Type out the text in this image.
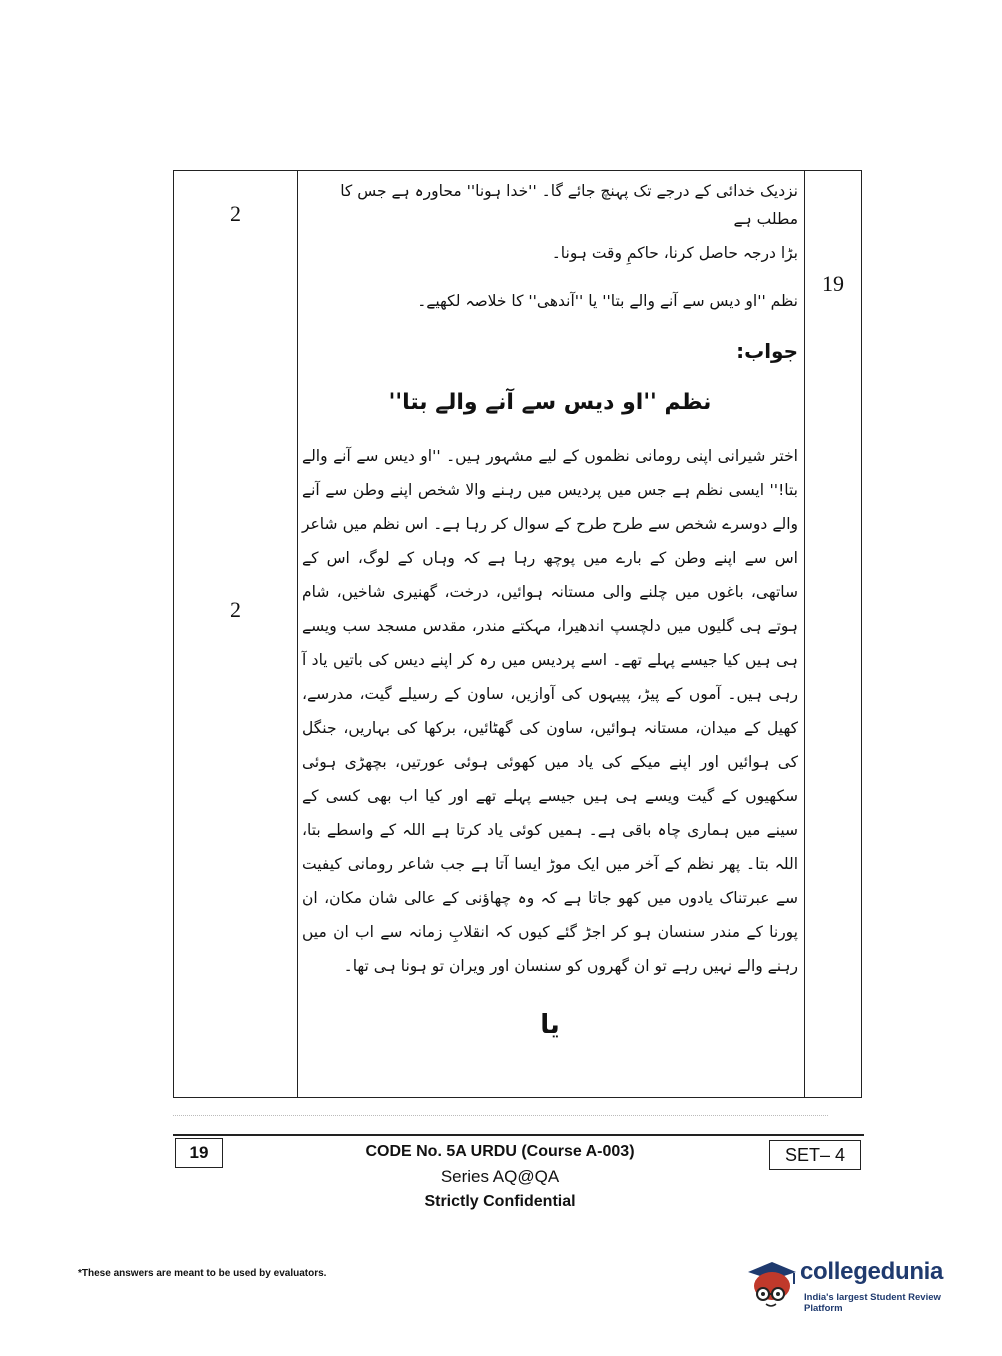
2
2
19

نزدیک خدائی کے درجے تک پہنچ جائے گا۔ ''خدا ہونا'' محاورہ ہے جس کا مطلب ہے

بڑا درجہ حاصل کرنا، حاکمِ وقت ہونا۔

نظم ''او دیس سے آنے والے بتا'' یا ''آندھی'' کا خلاصہ لکھیے۔

جواب:

نظم ''او دیس سے آنے والے بتا''

اختر شیرانی اپنی رومانی نظموں کے لیے مشہور ہیں۔ ''او دیس سے آنے والے بتا!'' ایسی نظم ہے جس میں پردیس میں رہنے والا شخص اپنے وطن سے آنے والے دوسرے شخص سے طرح طرح کے سوال کر رہا ہے۔ اس نظم میں شاعر اس سے اپنے وطن کے بارے میں پوچھ رہا ہے کہ وہاں کے لوگ، اس کے ساتھی، باغوں میں چلنے والی مستانہ ہوائیں، درخت، گھنیری شاخیں، شام ہوتے ہی گلیوں میں دلچسپ اندھیرا، مہکتے مندر، مقدس مسجد سب ویسے ہی ہیں کیا جیسے پہلے تھے۔ اسے پردیس میں رہ کر اپنے دیس کی باتیں یاد آ رہی ہیں۔ آموں کے پیڑ، پپیہوں کی آوازیں، ساون کے رسیلے گیت، مدرسے، کھیل کے میدان، مستانہ ہوائیں، ساون کی گھٹائیں، برکھا کی بہاریں، جنگل کی ہوائیں اور اپنے میکے کی یاد میں کھوئی ہوئی عورتیں، بچھڑی ہوئی سکھیوں کے گیت ویسے ہی ہیں جیسے پہلے تھے اور کیا اب بھی کسی کے سینے میں ہماری چاہ باقی ہے۔ ہمیں کوئی یاد کرتا ہے اللہ کے واسطے بتا، اللہ بتا۔ پھر نظم کے آخر میں ایک موڑ ایسا آتا ہے جب شاعر رومانی کیفیت سے عبرتناک یادوں میں کھو جاتا ہے کہ وہ چھاؤنی کے عالی شان مکان، ان پورنا کے مندر سنسان ہو کر اجڑ گئے کیوں کہ انقلابِ زمانہ سے اب ان میں رہنے والے نہیں رہے تو ان گھروں کو سنسان اور ویران تو ہونا ہی تھا۔

یا

19	CODE No. 5A URDU (Course A-003)
Series AQ@QA
Strictly Confidential
SET– 4
*These answers are meant to be used by evaluators.	collegedunia
India's largest Student Review Platform
